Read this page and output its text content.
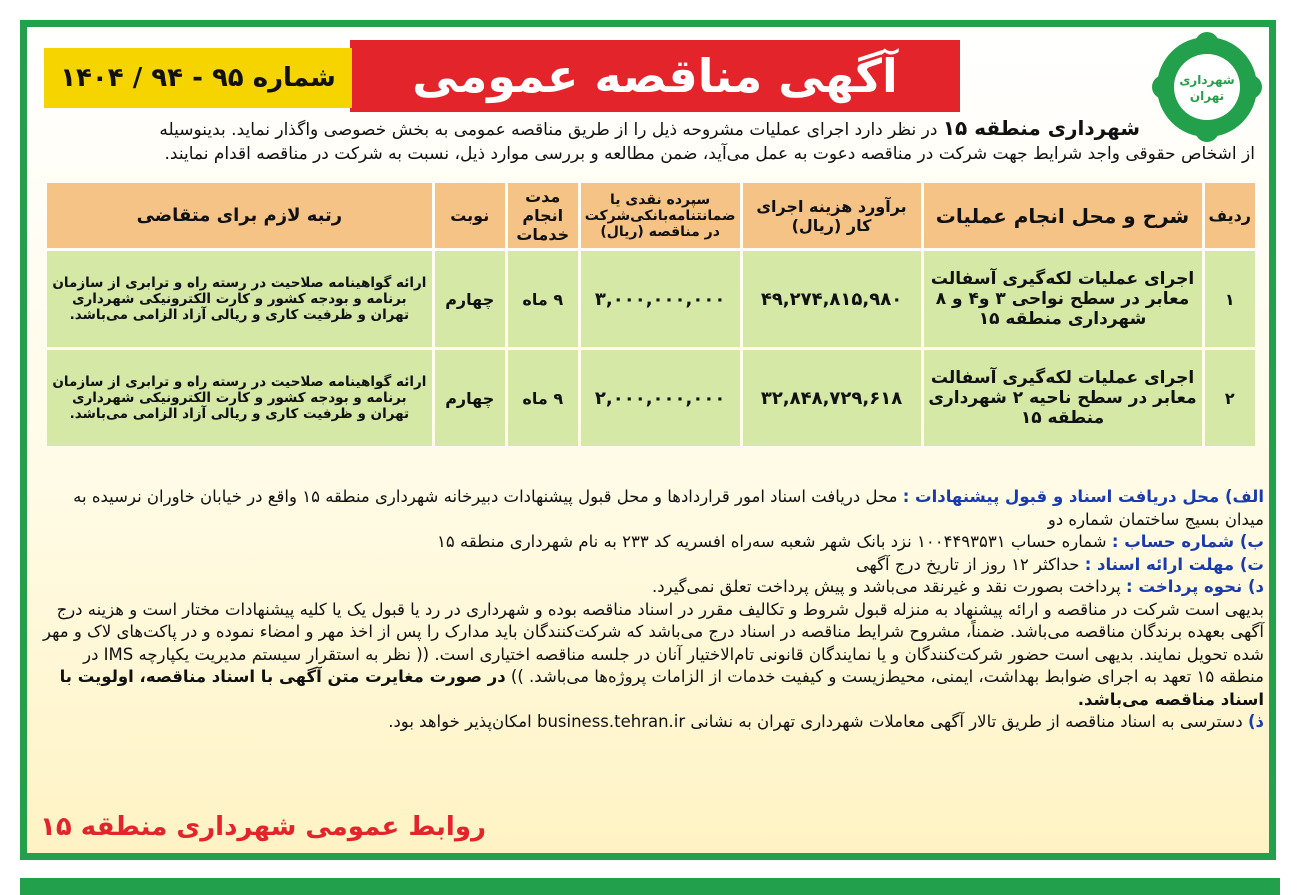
شهرداری
تهران
آگهی مناقصه عمومی
شماره ۹۵ - ۹۴ / ۱۴۰۴
شهرداری منطقه ۱۵ در نظر دارد اجرای عملیات مشروحه ذیل را از طریق مناقصه عمومی به بخش خصوصی واگذار نماید. بدینوسیله
از اشخاص حقوقی واجد شرایط جهت شرکت در مناقصه دعوت به عمل می‌آید، ضمن مطالعه و بررسی موارد ذیل، نسبت به شرکت در مناقصه اقدام نمایند.
ردیف	شرح و محل انجام عملیات	برآورد هزینه اجرای کار (ریال)	سپرده نقدی یا ضمانتنامه‌بانکی‌شرکت در مناقصه (ریال)	مدت انجام خدمات	نوبت	رتبه لازم برای متقاضی
۱	اجرای عملیات لکه‌گیری آسفالت معابر در سطح نواحی ۳ و۴ و ۸ شهرداری منطقه ۱۵	۴۹,۲۷۴,۸۱۵,۹۸۰	۳,۰۰۰,۰۰۰,۰۰۰	۹ ماه	چهارم	ارائه گواهینامه صلاحیت در رسته راه و ترابری از سازمان برنامه و بودجه کشور و کارت الکترونیکی شهرداری تهران و ظرفیت کاری و ریالی آزاد الزامی می‌باشد.
۲	اجرای عملیات لکه‌گیری آسفالت معابر در سطح ناحیه ۲ شهرداری منطقه ۱۵	۳۲,۸۴۸,۷۲۹,۶۱۸	۲,۰۰۰,۰۰۰,۰۰۰	۹ ماه	چهارم	ارائه گواهینامه صلاحیت در رسته راه و ترابری از سازمان برنامه و بودجه کشور و کارت الکترونیکی شهرداری تهران و ظرفیت کاری و ریالی آزاد الزامی می‌باشد.

الف) محل دریافت اسناد و قبول پیشنهادات : محل دریافت اسناد امور قراردادها و محل قبول پیشنهادات دبیرخانه شهرداری منطقه ۱۵ واقع در خیابان خاوران نرسیده به میدان بسیج ساختمان شماره دو

ب) شماره حساب : شماره حساب ۱۰۰۴۴۹۳۵۳۱ نزد بانک شهر شعبه سه‌راه افسریه کد ۲۳۳ به نام شهرداری منطقه ۱۵

ت) مهلت ارائه اسناد : حداکثر ۱۲ روز از تاریخ درج آگهی

د) نحوه پرداخت : پرداخت بصورت نقد و غیرنقد می‌باشد و پیش پرداخت تعلق نمی‌گیرد.

بدیهی است شرکت در مناقصه و ارائه پیشنهاد به منزله قبول شروط و تکالیف مقرر در اسناد مناقصه بوده و شهرداری در رد یا قبول یک یا کلیه پیشنهادات مختار است و هزینه درج آگهی بعهده برندگان مناقصه می‌باشد. ضمناً، مشروح شرایط مناقصه در اسناد درج می‌باشد که شرکت‌کنندگان باید مدارک را پس از اخذ مهر و امضاء نموده و در پاکت‌های لاک و مهر شده تحویل نمایند. بدیهی است حضور شرکت‌کنندگان و یا نمایندگان قانونی تام‌الاختیار آنان در جلسه مناقصه اختیاری است. (( نظر به استقرار سیستم مدیریت یکپارچه IMS در منطقه ۱۵ تعهد به اجرای ضوابط بهداشت، ایمنی، محیط‌زیست و کیفیت خدمات از الزامات پروژه‌ها می‌باشد. )) در صورت مغایرت متن آگهی با اسناد مناقصه، اولویت با اسناد مناقصه می‌باشد.

ذ) دسترسی به اسناد مناقصه از طریق تالار آگهی معاملات شهرداری تهران به نشانی business.tehran.ir امکان‌پذیر خواهد بود.

روابط عمومی شهرداری منطقه ۱۵
